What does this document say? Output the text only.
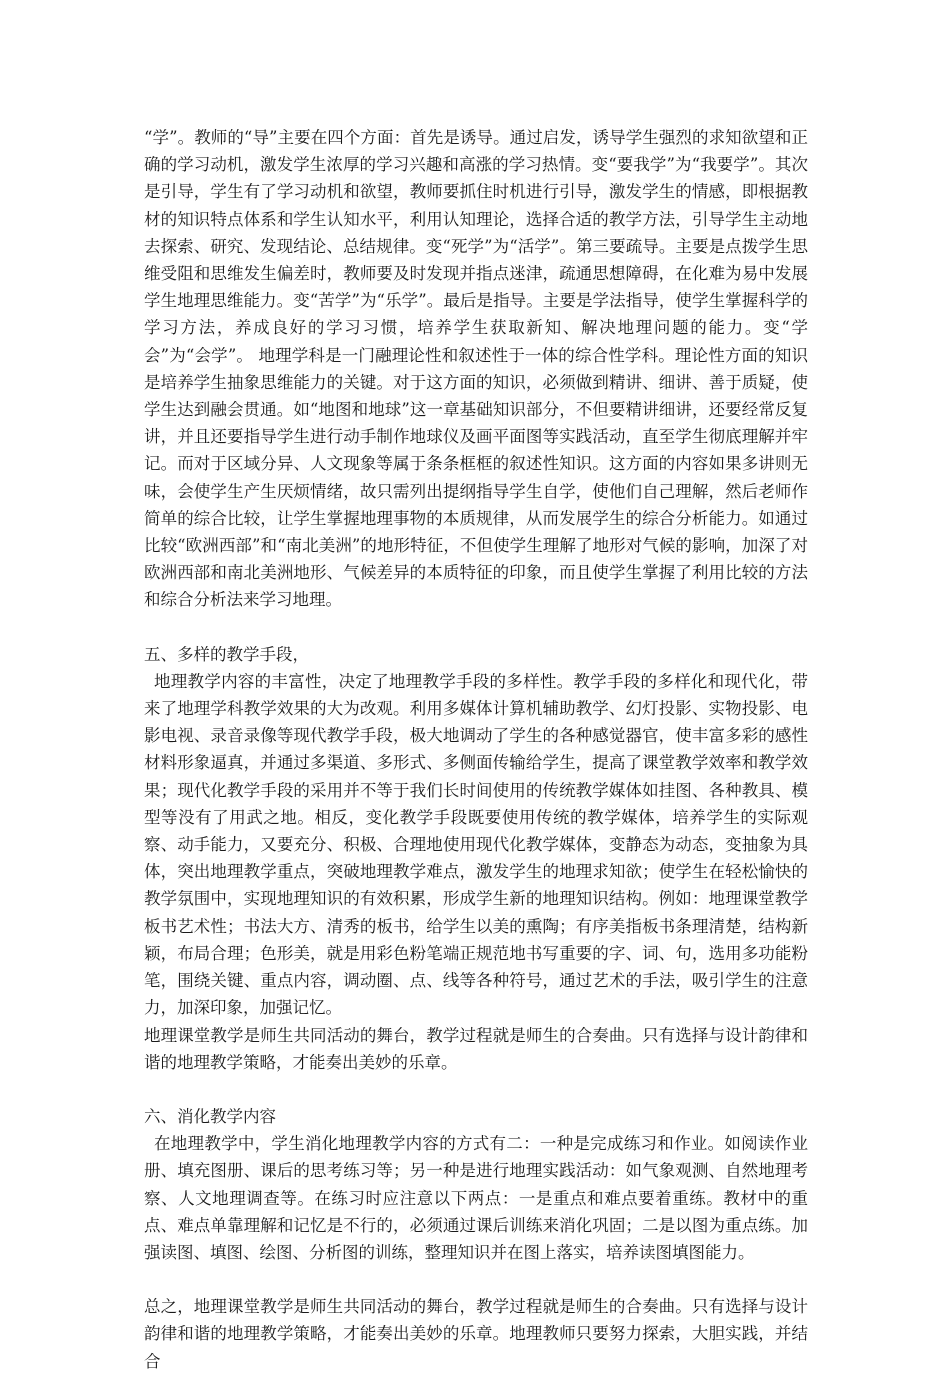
“学”。教师的“导”主要在四个方面：首先是诱导。通过启发，诱导学生强烈的求知欲望和正确的学习动机，激发学生浓厚的学习兴趣和高涨的学习热情。变“要我学”为“我要学”。其次是引导，学生有了学习动机和欲望，教师要抓住时机进行引导，激发学生的情感，即根据教材的知识特点体系和学生认知水平，利用认知理论，选择合适的教学方法，引导学生主动地去探索、研究、发现结论、总结规律。变“死学”为“活学”。第三要疏导。主要是点拨学生思维受阻和思维发生偏差时，教师要及时发现并指点迷津，疏通思想障碍，在化难为易中发展学生地理思维能力。变“苦学”为“乐学”。最后是指导。主要是学法指导，使学生掌握科学的学习方法，养成良好的学习习惯，培养学生获取新知、解决地理问题的能力。变“学会”为“会学”。 地理学科是一门融理论性和叙述性于一体的综合性学科。理论性方面的知识是培养学生抽象思维能力的关键。对于这方面的知识，必须做到精讲、细讲、善于质疑，使学生达到融会贯通。如“地图和地球”这一章基础知识部分，不但要精讲细讲，还要经常反复讲，并且还要指导学生进行动手制作地球仪及画平面图等实践活动，直至学生彻底理解并牢记。而对于区域分异、人文现象等属于条条框框的叙述性知识。这方面的内容如果多讲则无味，会使学生产生厌烦情绪，故只需列出提纲指导学生自学，使他们自己理解，然后老师作简单的综合比较，让学生掌握地理事物的本质规律，从而发展学生的综合分析能力。如通过比较“欧洲西部”和“南北美洲”的地形特征，不但使学生理解了地形对气候的影响，加深了对欧洲西部和南北美洲地形、气候差异的本质特征的印象，而且使学生掌握了利用比较的方法和综合分析法来学习地理。

五、多样的教学手段，

地理教学内容的丰富性，决定了地理教学手段的多样性。教学手段的多样化和现代化，带来了地理学科教学效果的大为改观。利用多媒体计算机辅助教学、幻灯投影、实物投影、电影电视、录音录像等现代教学手段，极大地调动了学生的各种感觉器官，使丰富多彩的感性材料形象逼真，并通过多渠道、多形式、多侧面传输给学生，提高了课堂教学效率和教学效果；现代化教学手段的采用并不等于我们长时间使用的传统教学媒体如挂图、各种教具、模型等没有了用武之地。相反，变化教学手段既要使用传统的教学媒体，培养学生的实际观察、动手能力，又要充分、积极、合理地使用现代化教学媒体，变静态为动态，变抽象为具体，突出地理教学重点，突破地理教学难点，激发学生的地理求知欲；使学生在轻松愉快的教学氛围中，实现地理知识的有效积累，形成学生新的地理知识结构。例如：地理课堂教学板书艺术性；书法大方、清秀的板书，给学生以美的熏陶；有序美指板书条理清楚，结构新颖，布局合理；色形美，就是用彩色粉笔端正规范地书写重要的字、词、句，选用多功能粉笔，围绕关键、重点内容，调动圈、点、线等各种符号，通过艺术的手法，吸引学生的注意力，加深印象，加强记忆。

地理课堂教学是师生共同活动的舞台，教学过程就是师生的合奏曲。只有选择与设计韵律和谐的地理教学策略，才能奏出美妙的乐章。

六、消化教学内容

在地理教学中，学生消化地理教学内容的方式有二：一种是完成练习和作业。如阅读作业册、填充图册、课后的思考练习等；另一种是进行地理实践活动：如气象观测、自然地理考察、人文地理调查等。在练习时应注意以下两点：一是重点和难点要着重练。教材中的重点、难点单靠理解和记忆是不行的，必须通过课后训练来消化巩固；二是以图为重点练。加强读图、填图、绘图、分析图的训练，整理知识并在图上落实，培养读图填图能力。

总之，地理课堂教学是师生共同活动的舞台，教学过程就是师生的合奏曲。只有选择与设计韵律和谐的地理教学策略，才能奏出美妙的乐章。地理教师只要努力探索，大胆实践，并结合
